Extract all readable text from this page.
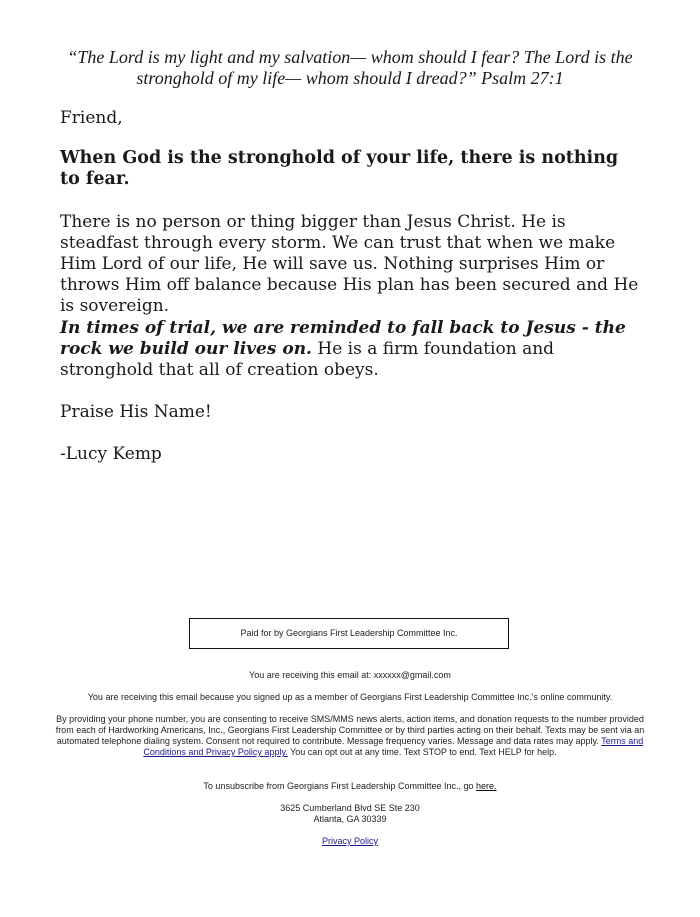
“The Lord is my light and my salvation— whom should I fear? The Lord is the stronghold of my life— whom should I dread?” Psalm 27:1
Friend,
When God is the stronghold of your life, there is nothing to fear.
There is no person or thing bigger than Jesus Christ. He is steadfast through every storm. We can trust that when we make Him Lord of our life, He will save us. Nothing surprises Him or throws Him off balance because His plan has been secured and He is sovereign.
In times of trial, we are reminded to fall back to Jesus - the rock we build our lives on. He is a firm foundation and stronghold that all of creation obeys.
Praise His Name!
-Lucy Kemp
Paid for by Georgians First Leadership Committee Inc.
You are receiving this email at: xxxxxx@gmail.com
You are receiving this email because you signed up as a member of Georgians First Leadership Committee Inc.'s online community.
By providing your phone number, you are consenting to receive SMS/MMS news alerts, action items, and donation requests to the number provided from each of Hardworking Americans, Inc., Georgians First Leadership Committee or by third parties acting on their behalf. Texts may be sent via an automated telephone dialing system. Consent not required to contribute. Message frequency varies. Message and data rates may apply. Terms and Conditions and Privacy Policy apply. You can opt out at any time. Text STOP to end. Text HELP for help.
To unsubscribe from Georgians First Leadership Committee Inc., go here.
3625 Cumberland Blvd SE Ste 230
Atlanta, GA 30339
Privacy Policy
